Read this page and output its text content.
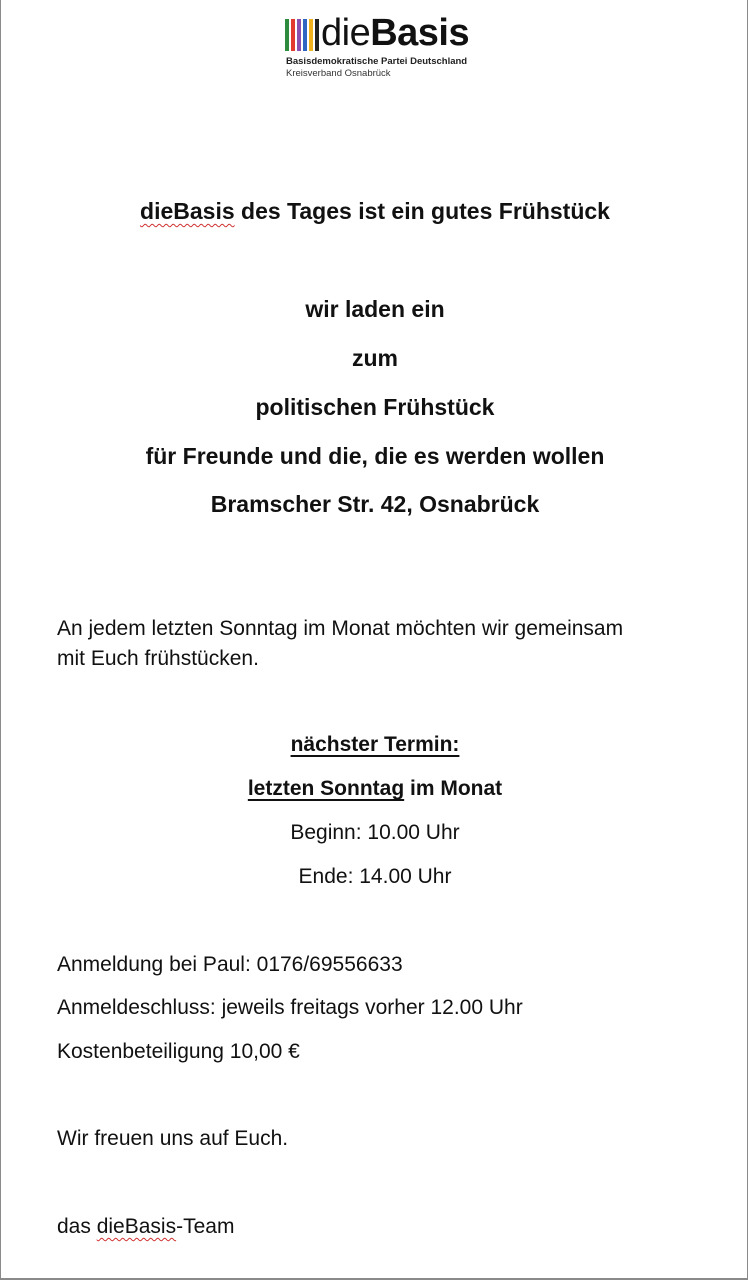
dieBasis
Basisdemokratische Partei Deutschland
Kreisverband Osnabrück
dieBasis des Tages ist ein gutes Frühstück
wir laden ein
zum
politischen Frühstück
für Freunde und die, die es werden wollen
Bramscher Str. 42, Osnabrück
An jedem letzten Sonntag im Monat möchten wir gemeinsam
mit Euch frühstücken.
nächster Termin:
letzten Sonntag im Monat
Beginn: 10.00 Uhr
Ende: 14.00 Uhr
Anmeldung bei Paul: 0176/69556633
Anmeldeschluss: jeweils freitags vorher 12.00 Uhr
Kostenbeteiligung 10,00 €
Wir freuen uns auf Euch.
das dieBasis-Team
